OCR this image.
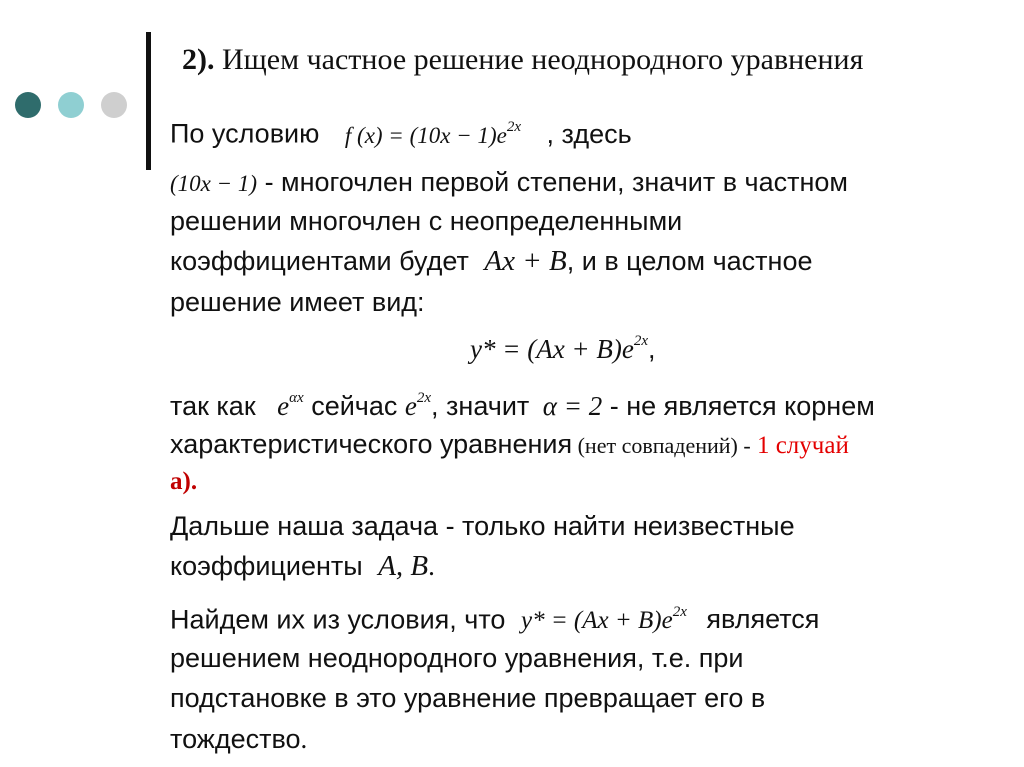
2). Ищем частное решение неоднородного уравнения
По условию f $(x) = (10x - 1)e^{2x}$ , здесь
(10x − 1) - многочлен первой степени, значит в частном
решении многочлен с неопределенными
коэффициентами будет Ax + B, и в целом частное
решение имеет вид:
$y* = (Ax + B)e^{2x}$,
так как $e^{\alpha x}$ сейчас $e^{2x}$, значит α = 2 - не является корнем
характеристического уравнения (нет совпадений) - 1 случай
а).
Дальше наша задача - только найти неизвестные
коэффициенты A, B.
Найдем их из условия, что $y* = (Ax + B)e^{2x}$ является
решением неоднородного уравнения, т.е. при
подстановке в это уравнение превращает его в
тождество.
